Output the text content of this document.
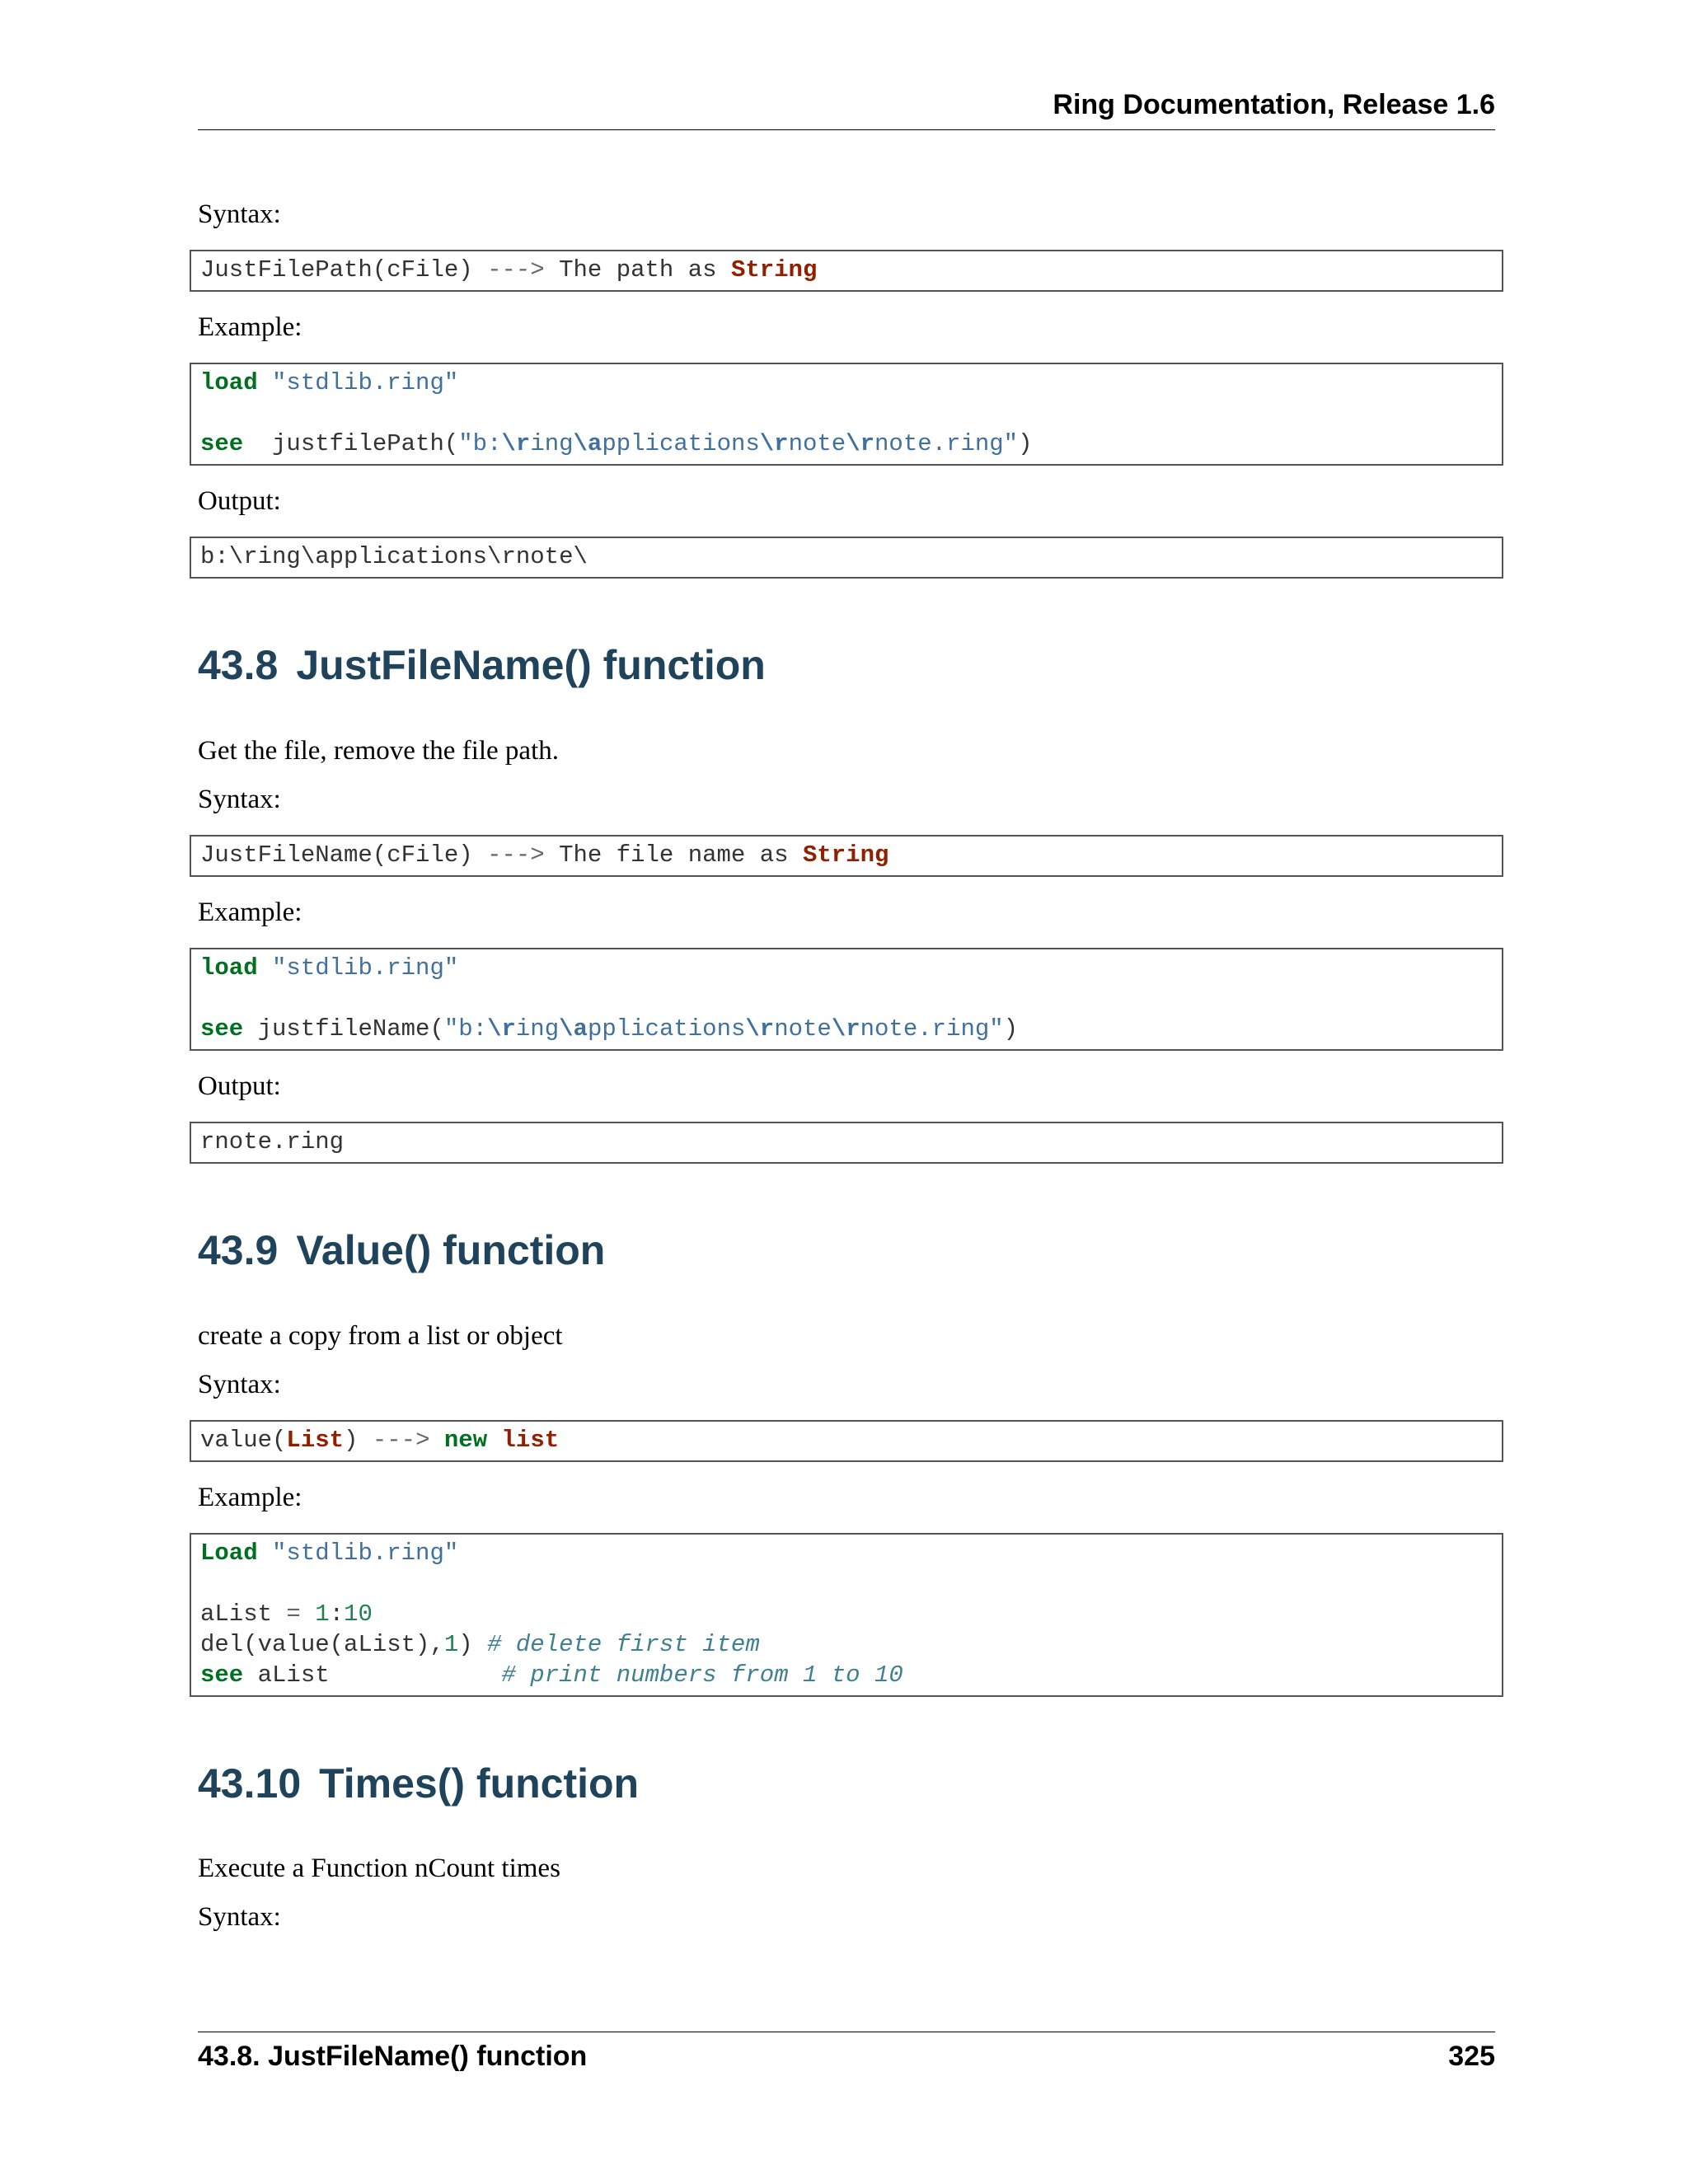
Ring Documentation, Release 1.6
Syntax:
JustFilePath(cFile) ---> The path as String
Example:
load "stdlib.ring"
see justfilePath("b:\ring\applications\rnote\rnote.ring")
Output:
b:\ring\applications\rnote\
43.8 JustFileName() function
Get the file, remove the file path.
Syntax:
JustFileName(cFile) ---> The file name as String
Example:
load "stdlib.ring"
see justfileName("b:\ring\applications\rnote\rnote.ring")
Output:
rnote.ring
43.9 Value() function
create a copy from a list or object
Syntax:
value(List) ---> new list
Example:
Load "stdlib.ring"
aList = 1:10
del(value(aList),1) # delete first item
see aList	# print numbers from 1 to 10
43.10 Times() function
Execute a Function nCount times
Syntax:
43.8. JustFileName() function	325
